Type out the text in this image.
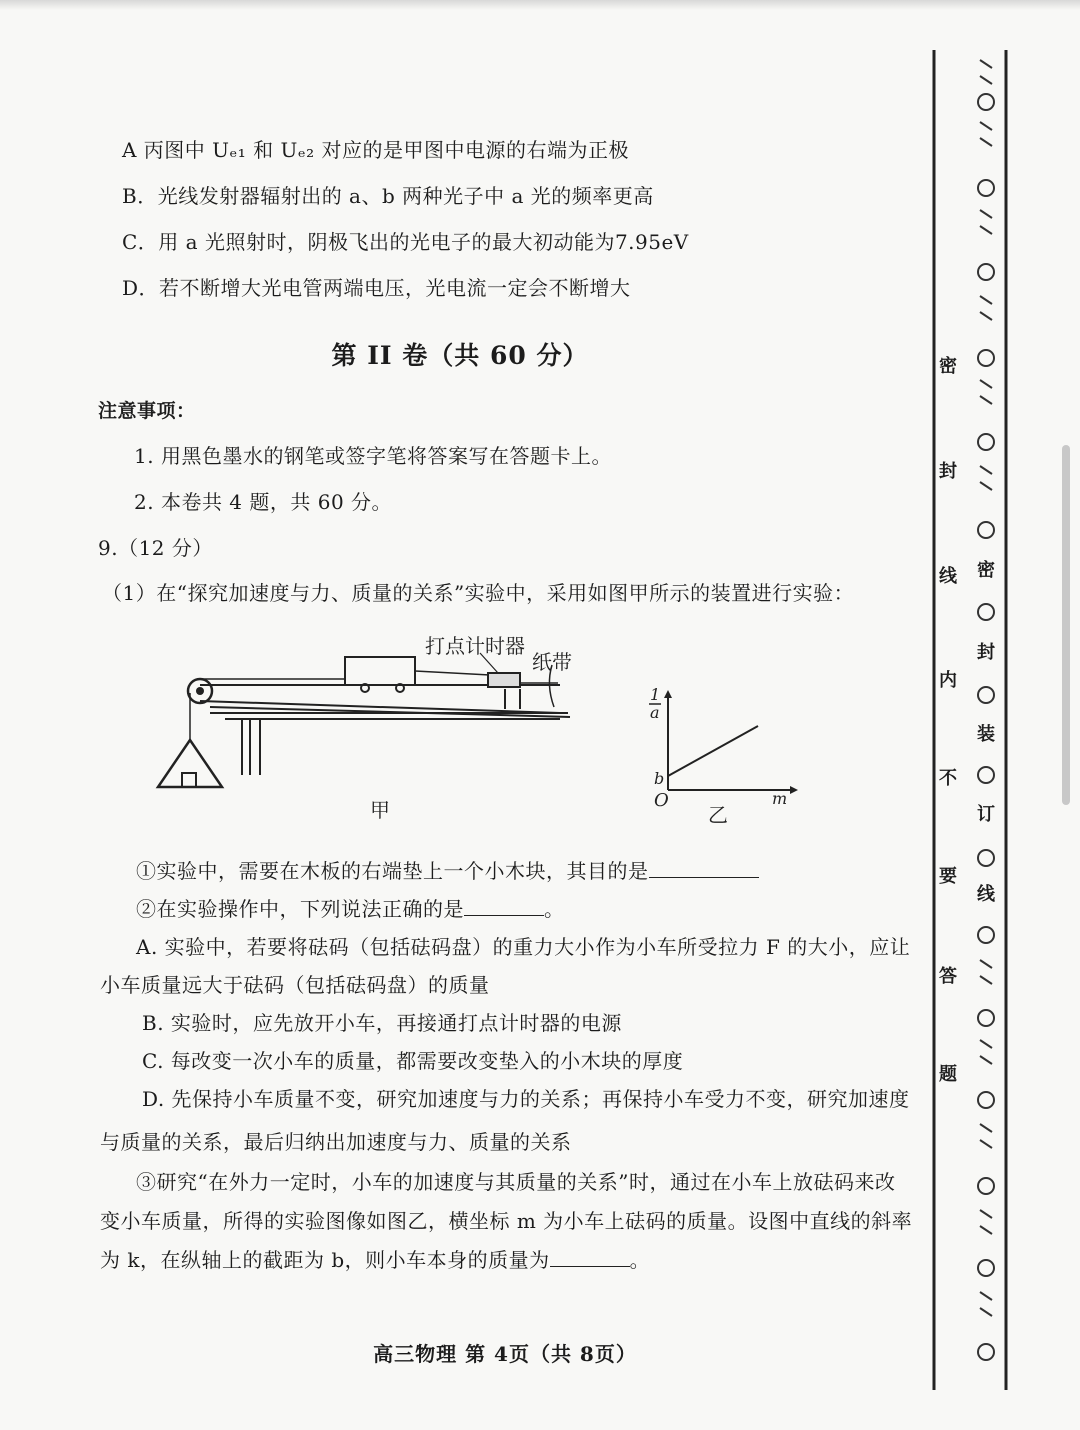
A 丙图中 Uₑ₁ 和 Uₑ₂ 对应的是甲图中电源的右端为正极
B．光线发射器辐射出的 a、b 两种光子中 a 光的频率更高
C．用 a 光照射时，阴极飞出的光电子的最大初动能为7.95eV
D．若不断增大光电管两端电压，光电流一定会不断增大
第 II 卷（共 60 分）
注意事项：
1. 用黑色墨水的钢笔或签字笔将答案写在答题卡上。
2. 本卷共 4 题，共 60 分。
9.（12 分）
（1）在“探究加速度与力、质量的关系”实验中，采用如图甲所示的装置进行实验：
打点计时器
纸带
甲
1
a
b
O	m
乙
①实验中，需要在木板的右端垫上一个小木块，其目的是
②在实验操作中，下列说法正确的是	。
A. 实验中，若要将砝码（包括砝码盘）的重力大小作为小车所受拉力 F 的大小，应让
小车质量远大于砝码（包括砝码盘）的质量
B. 实验时，应先放开小车，再接通打点计时器的电源
C. 每改变一次小车的质量，都需要改变垫入的小木块的厚度
D. 先保持小车质量不变，研究加速度与力的关系；再保持小车受力不变，研究加速度
与质量的关系，最后归纳出加速度与力、质量的关系
③研究“在外力一定时，小车的加速度与其质量的关系”时，通过在小车上放砝码来改
变小车质量，所得的实验图像如图乙，横坐标 m 为小车上砝码的质量。设图中直线的斜率
为 k，在纵轴上的截距为 b，则小车本身的质量为	。
高三物理 第 4页（共 8页）
密
封
线
内
不
要
答
题
密
封
装
订
线
